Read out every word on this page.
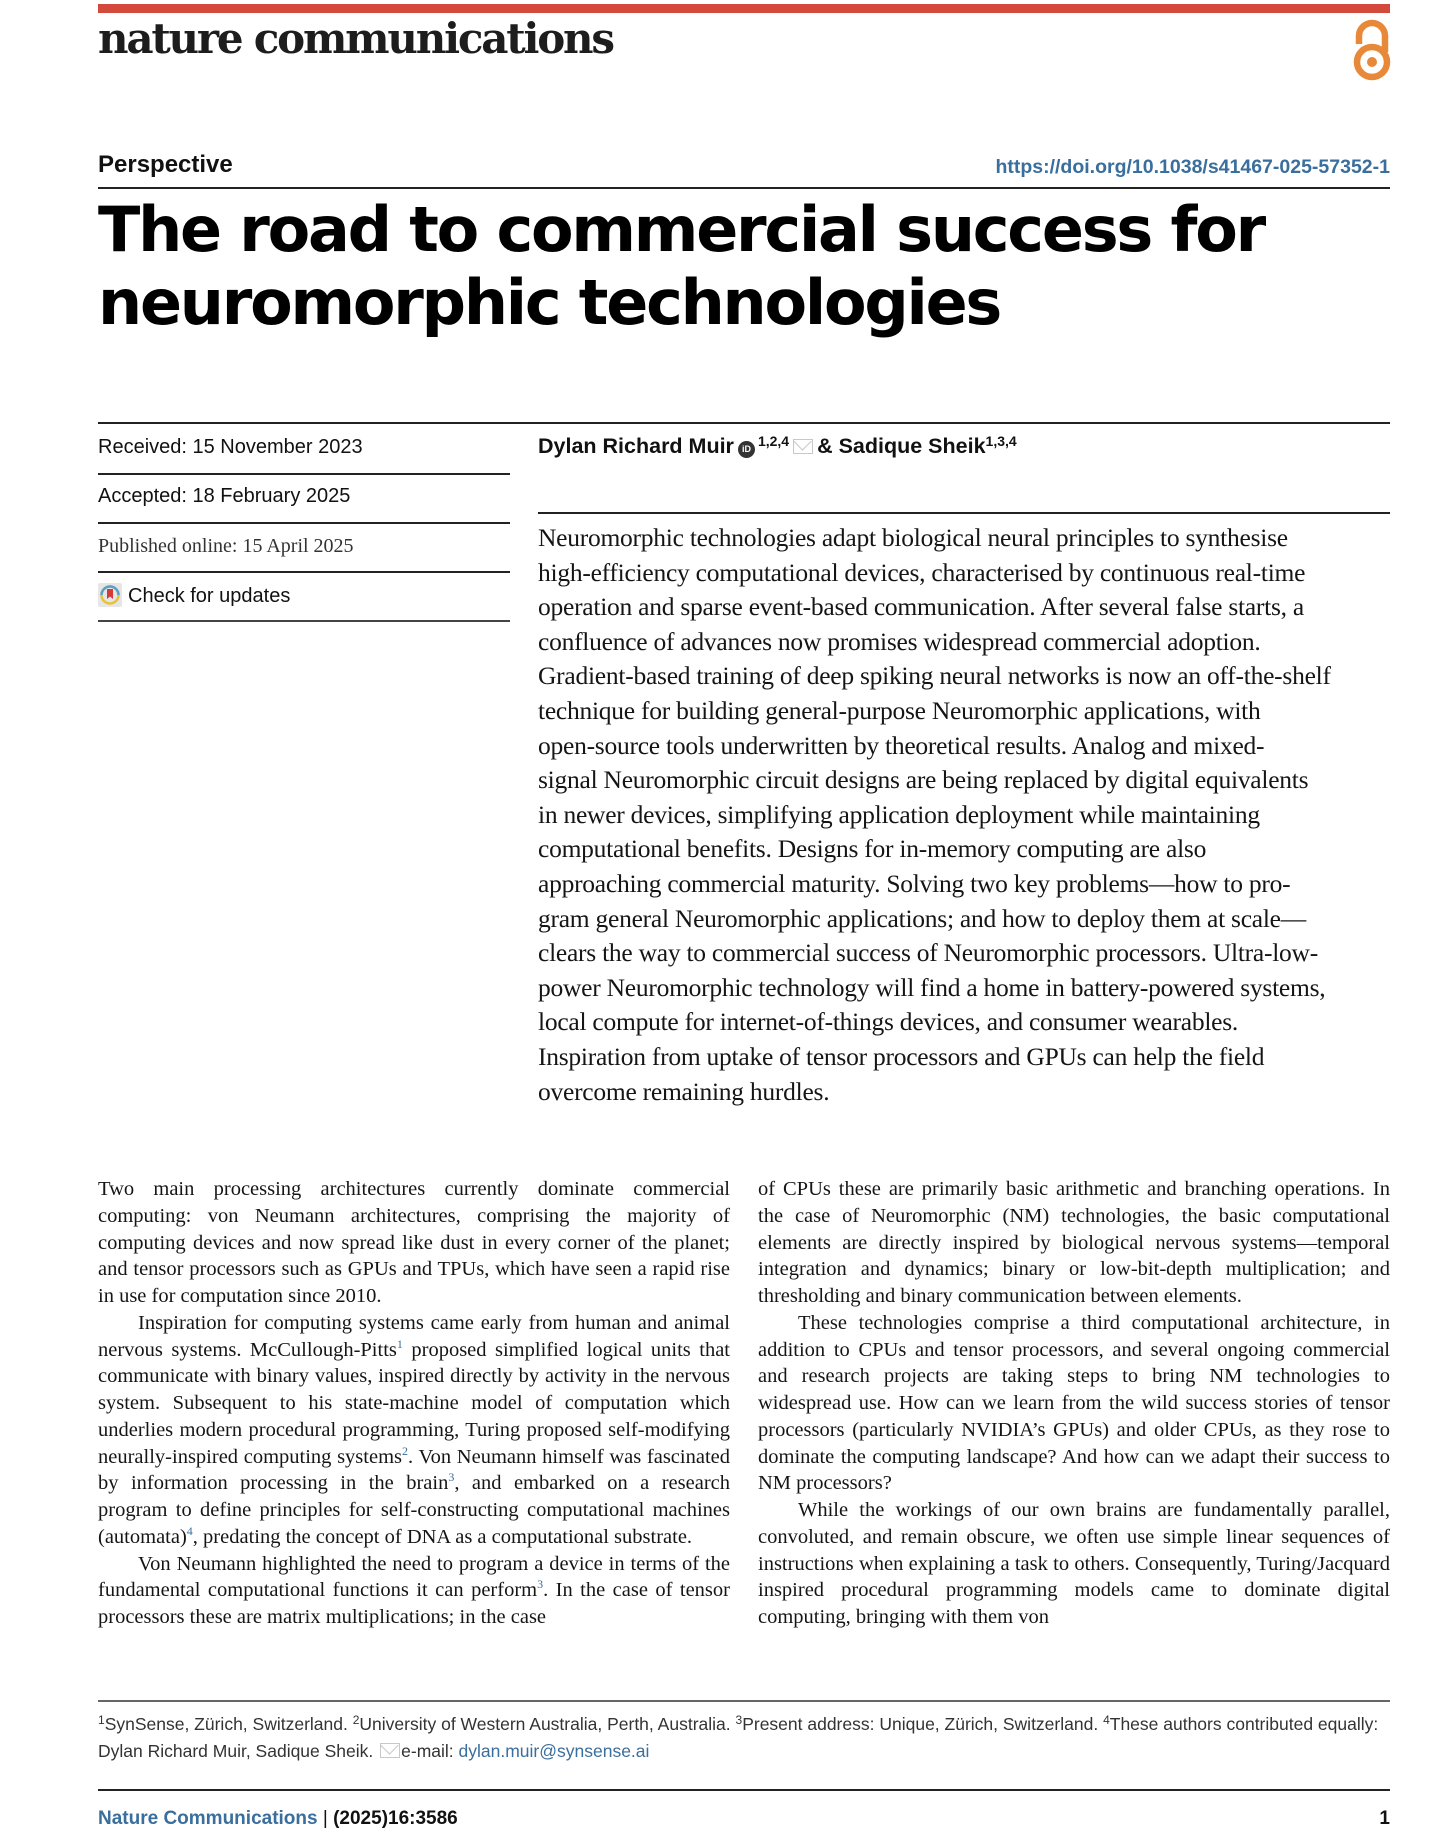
nature communications
Perspective	https://doi.org/10.1038/s41467-025-57352-1
The road to commercial success for
neuromorphic technologies
Received: 15 November 2023
Accepted: 18 February 2025
Published online: 15 April 2025
Check for updates
Dylan Richard Muir iD $^{1,2,4}$ & Sadique Sheik$^{1,3,4}$

Neuromorphic technologies adapt biological neural principles to synthesise

high-efficiency computational devices, characterised by continuous real-time

operation and sparse event-based communication. After several false starts, a

confluence of advances now promises widespread commercial adoption.

Gradient-based training of deep spiking neural networks is now an off-the-shelf

technique for building general-purpose Neuromorphic applications, with

open-source tools underwritten by theoretical results. Analog and mixed-

signal Neuromorphic circuit designs are being replaced by digital equivalents

in newer devices, simplifying application deployment while maintaining

computational benefits. Designs for in-memory computing are also

approaching commercial maturity. Solving two key problems—how to pro-

gram general Neuromorphic applications; and how to deploy them at scale—

clears the way to commercial success of Neuromorphic processors. Ultra-low-

power Neuromorphic technology will find a home in battery-powered systems,

local compute for internet-of-things devices, and consumer wearables.

Inspiration from uptake of tensor processors and GPUs can help the field

overcome remaining hurdles.

Two main processing architectures currently dominate commercial computing: von Neumann architectures, comprising the majority of computing devices and now spread like dust in every corner of the planet; and tensor processors such as GPUs and TPUs, which have seen a rapid rise in use for computation since 2010.

Inspiration for computing systems came early from human and animal nervous systems. McCullough-Pitts$^1$ proposed simplified logical units that communicate with binary values, inspired directly by activity in the nervous system. Subsequent to his state-machine model of computation which underlies modern procedural programming, Turing proposed self-modifying neurally-inspired computing systems$^2$. Von Neumann himself was fascinated by information processing in the brain$^3$, and embarked on a research program to define principles for self-constructing computational machines (automata)$^4$, predating the concept of DNA as a computational substrate.

Von Neumann highlighted the need to program a device in terms of the fundamental computational functions it can perform$^3$. In the case of tensor processors these are matrix multiplications; in the case

of CPUs these are primarily basic arithmetic and branching operations. In the case of Neuromorphic (NM) technologies, the basic computational elements are directly inspired by biological nervous systems—temporal integration and dynamics; binary or low-bit-depth multiplication; and thresholding and binary communication between elements.

These technologies comprise a third computational architecture, in addition to CPUs and tensor processors, and several ongoing commercial and research projects are taking steps to bring NM technologies to widespread use. How can we learn from the wild success stories of tensor processors (particularly NVIDIA’s GPUs) and older CPUs, as they rose to dominate the computing landscape? And how can we adapt their success to NM processors?

While the workings of our own brains are fundamentally parallel, convoluted, and remain obscure, we often use simple linear sequences of instructions when explaining a task to others. Consequently, Turing/Jacquard inspired procedural programming models came to dominate digital computing, bringing with them von

$^1$SynSense, Zürich, Switzerland. $^2$University of Western Australia, Perth, Australia. $^3$Present address: Unique, Zürich, Switzerland. $^4$These authors contributed equally: Dylan Richard Muir, Sadique Sheik. e-mail: dylan.muir@synsense.ai
Nature Communications | (2025)16:3586	1
